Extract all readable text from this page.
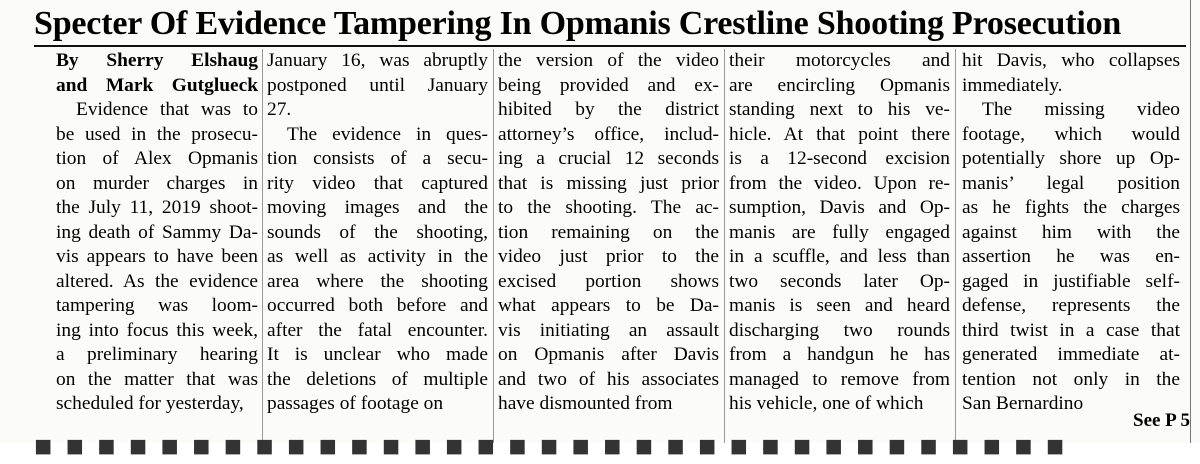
Specter Of Evidence Tampering In Opmanis Crestline Shooting Prosecution

By Sherry Elshaug

and Mark Gutglueck

Evidence that was to

be used in the prosecu-

tion of Alex Opmanis

on murder charges in

the July 11, 2019 shoot-

ing death of Sammy Da-

vis appears to have been

altered. As the evidence

tampering was loom-

ing into focus this week,

a preliminary hearing

on the matter that was

scheduled for yesterday,

January 16, was abruptly

postponed until January

27.

The evidence in ques-

tion consists of a secu-

rity video that captured

moving images and the

sounds of the shooting,

as well as activity in the

area where the shooting

occurred both before and

after the fatal encounter.

It is unclear who made

the deletions of multiple

passages of footage on

the version of the video

being provided and ex-

hibited by the district

attorney’s office, includ-

ing a crucial 12 seconds

that is missing just prior

to the shooting. The ac-

tion remaining on the

video just prior to the

excised portion shows

what appears to be Da-

vis initiating an assault

on Opmanis after Davis

and two of his associates

have dismounted from

their motorcycles and

are encircling Opmanis

standing next to his ve-

hicle. At that point there

is a 12-second excision

from the video. Upon re-

sumption, Davis and Op-

manis are fully engaged

in a scuffle, and less than

two seconds later Op-

manis is seen and heard

discharging two rounds

from a handgun he has

managed to remove from

his vehicle, one of which

hit Davis, who collapses

immediately.

The missing video

footage, which would

potentially shore up Op-

manis’ legal position

as he fights the charges

against him with the

assertion he was en-

gaged in justifiable self-

defense, represents the

third twist in a case that

generated immediate at-

tention not only in the

San Bernardino

See P 5
■ ■ ■ ■ ■ ■ ■ ■ ■ ■ ■ ■ ■ ■ ■ ■ ■ ■ ■ ■ ■ ■ ■ ■ ■ ■ ■ ■ ■ ■ ■ ■ ■
